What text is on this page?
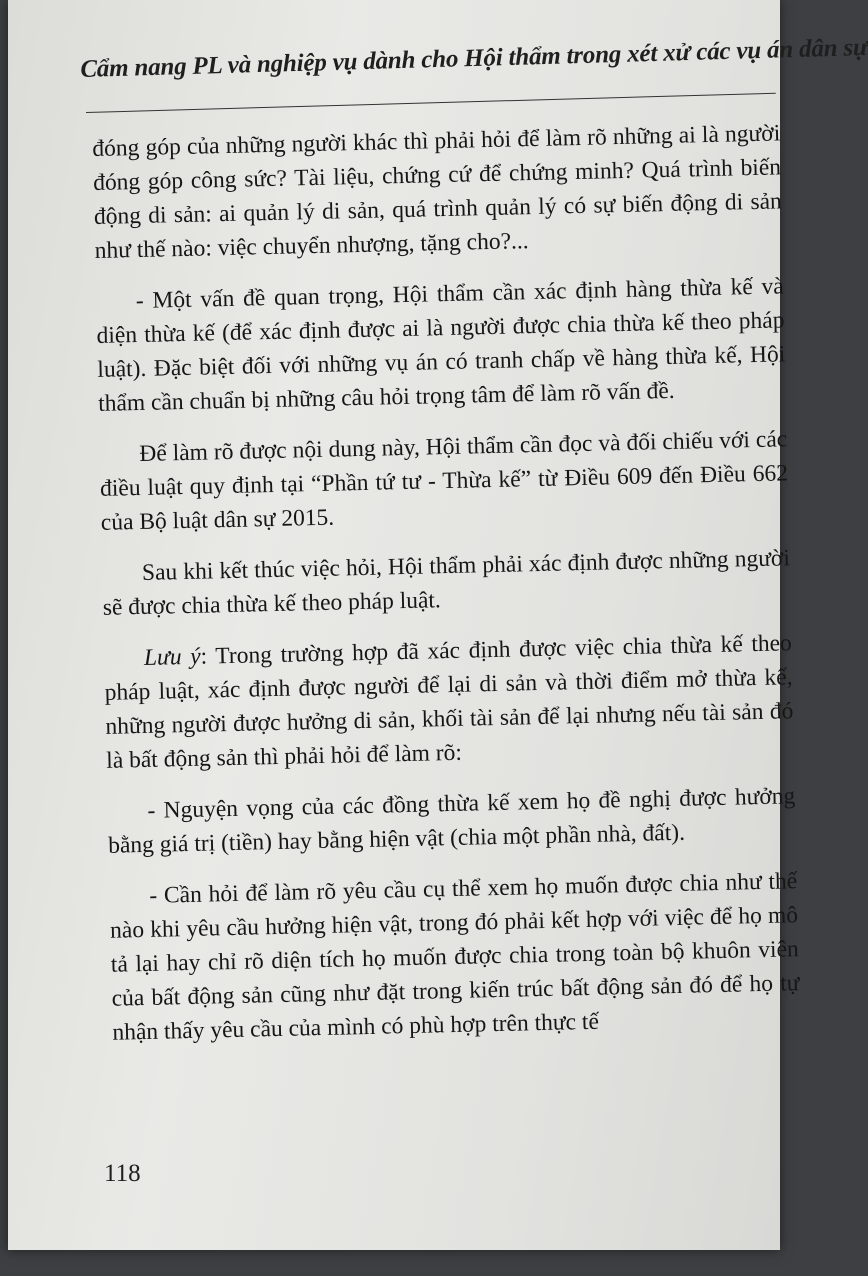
Cẩm nang PL và nghiệp vụ dành cho Hội thẩm trong xét xử các vụ án dân sự

đóng góp của những người khác thì phải hỏi để làm rõ những ai là người đóng góp công sức? Tài liệu, chứng cứ để chứng minh? Quá trình biến động di sản: ai quản lý di sản, quá trình quản lý có sự biến động di sản như thế nào: việc chuyển nhượng, tặng cho?...

- Một vấn đề quan trọng, Hội thẩm cần xác định hàng thừa kế và diện thừa kế (để xác định được ai là người được chia thừa kế theo pháp luật). Đặc biệt đối với những vụ án có tranh chấp về hàng thừa kế, Hội thẩm cần chuẩn bị những câu hỏi trọng tâm để làm rõ vấn đề.

Để làm rõ được nội dung này, Hội thẩm cần đọc và đối chiếu với các điều luật quy định tại “Phần tứ tư - Thừa kế” từ Điều 609 đến Điều 662 của Bộ luật dân sự 2015.

Sau khi kết thúc việc hỏi, Hội thẩm phải xác định được những người sẽ được chia thừa kế theo pháp luật.

Lưu ý: Trong trường hợp đã xác định được việc chia thừa kế theo pháp luật, xác định được người để lại di sản và thời điểm mở thừa kế, những người được hưởng di sản, khối tài sản để lại nhưng nếu tài sản đó là bất động sản thì phải hỏi để làm rõ:

- Nguyện vọng của các đồng thừa kế xem họ đề nghị được hưởng bằng giá trị (tiền) hay bằng hiện vật (chia một phần nhà, đất).

- Cần hỏi để làm rõ yêu cầu cụ thể xem họ muốn được chia như thế nào khi yêu cầu hưởng hiện vật, trong đó phải kết hợp với việc để họ mô tả lại hay chỉ rõ diện tích họ muốn được chia trong toàn bộ khuôn viên của bất động sản cũng như đặt trong kiến trúc bất động sản đó để họ tự nhận thấy yêu cầu của mình có phù hợp trên thực tế

118
